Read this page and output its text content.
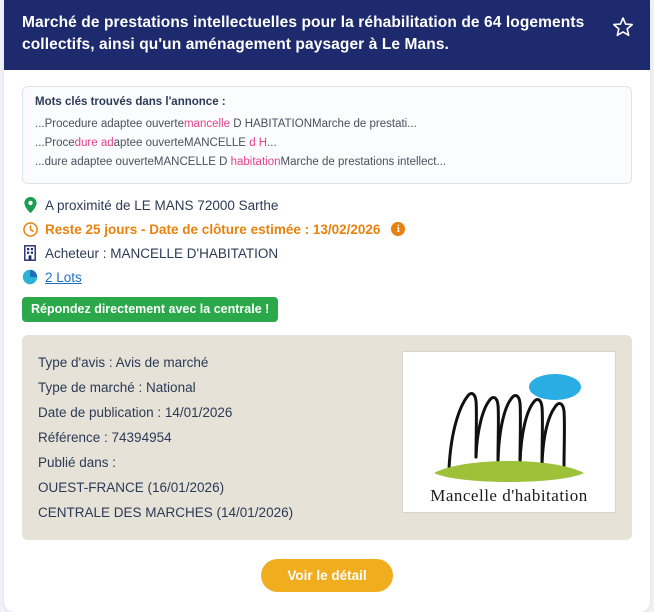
Marché de prestations intellectuelles pour la réhabilitation de 64 logements collectifs, ainsi qu'un aménagement paysager à Le Mans.
Mots clés trouvés dans l'annonce :
...Procedure adaptee ouvertemancelle D HABITATIONMarche de prestati...
...Procedure adaptee ouverteMANCELLE d H...
...dure adaptee ouverteMANCELLE D habitationMarche de prestations intellect...
A proximité de LE MANS 72000 Sarthe
Reste 25 jours - Date de clôture estimée : 13/02/2026	i
Acheteur : MANCELLE D'HABITATION
2 Lots
Répondez directement avec la centrale !
Type d'avis : Avis de marché
Type de marché : National
Date de publication : 14/01/2026
Référence : 74394954
Publié dans :
OUEST-FRANCE (16/01/2026)
CENTRALE DES MARCHES (14/01/2026)
Mancelle d'habitation
Voir le détail
